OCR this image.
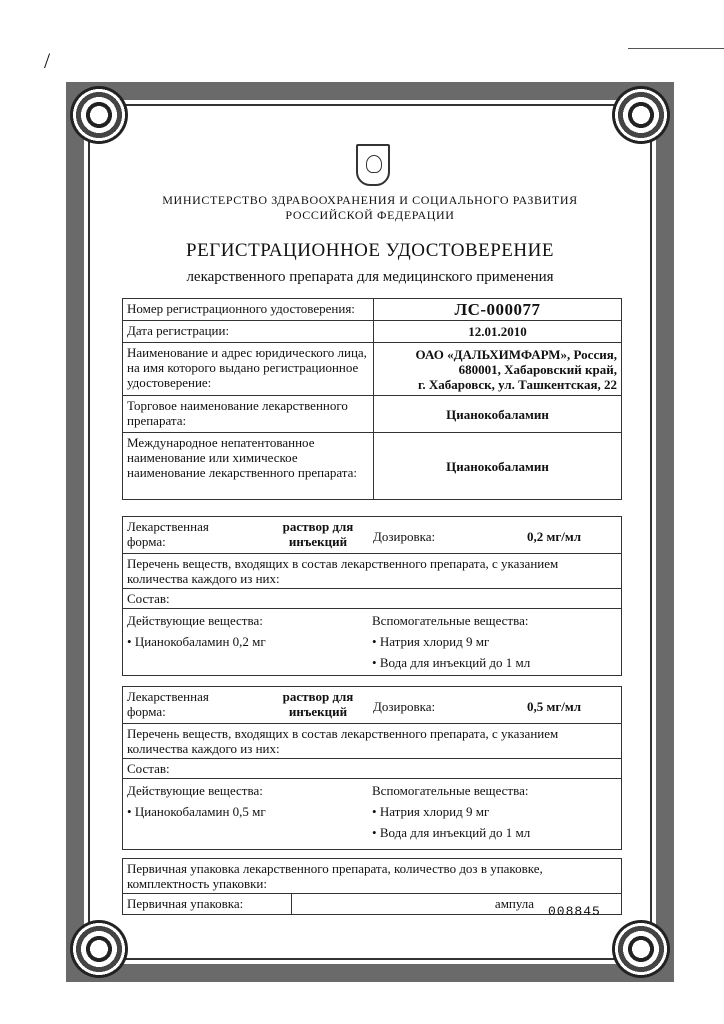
/
МИНИСТЕРСТВО ЗДРАВООХРАНЕНИЯ И СОЦИАЛЬНОГО РАЗВИТИЯ
РОССИЙСКОЙ ФЕДЕРАЦИИ
РЕГИСТРАЦИОННОЕ УДОСТОВЕРЕНИЕ
лекарственного препарата для медицинского применения
Номер регистрационного удостоверения:	ЛС-000077
Дата регистрации:	12.01.2010
Наименование и адрес юридического лица, на имя которого выдано регистрационное удостоверение:	ОАО «ДАЛЬХИМФАРМ», Россия,
680001, Хабаровский край,
г. Хабаровск, ул. Ташкентская, 22

Торговое наименование лекарственного препарата:	Цианокобаламин
Международное непатентованное наименование или химическое наименование лекарственного препарата:	Цианокобаламин
Лекарственная
форма:
раствор для
инъекций	Дозировка:	0,2 мг/мл
Перечень веществ, входящих в состав лекарственного препарата, с указанием количества каждого из них:
Состав:
Действующие вещества:
• Цианокобаламин 0,2 мг
Вспомогательные вещества:
• Натрия хлорид 9 мг
• Вода для инъекций до 1 мл
Лекарственная
форма:
раствор для
инъекций	Дозировка:	0,5 мг/мл
Перечень веществ, входящих в состав лекарственного препарата, с указанием количества каждого из них:
Состав:
Действующие вещества:
• Цианокобаламин 0,5 мг
Вспомогательные вещества:
• Натрия хлорид 9 мг
• Вода для инъекций до 1 мл
Первичная упаковка лекарственного препарата, количество доз в упаковке, комплектность упаковки:
Первичная упаковка:	ампула
008845
